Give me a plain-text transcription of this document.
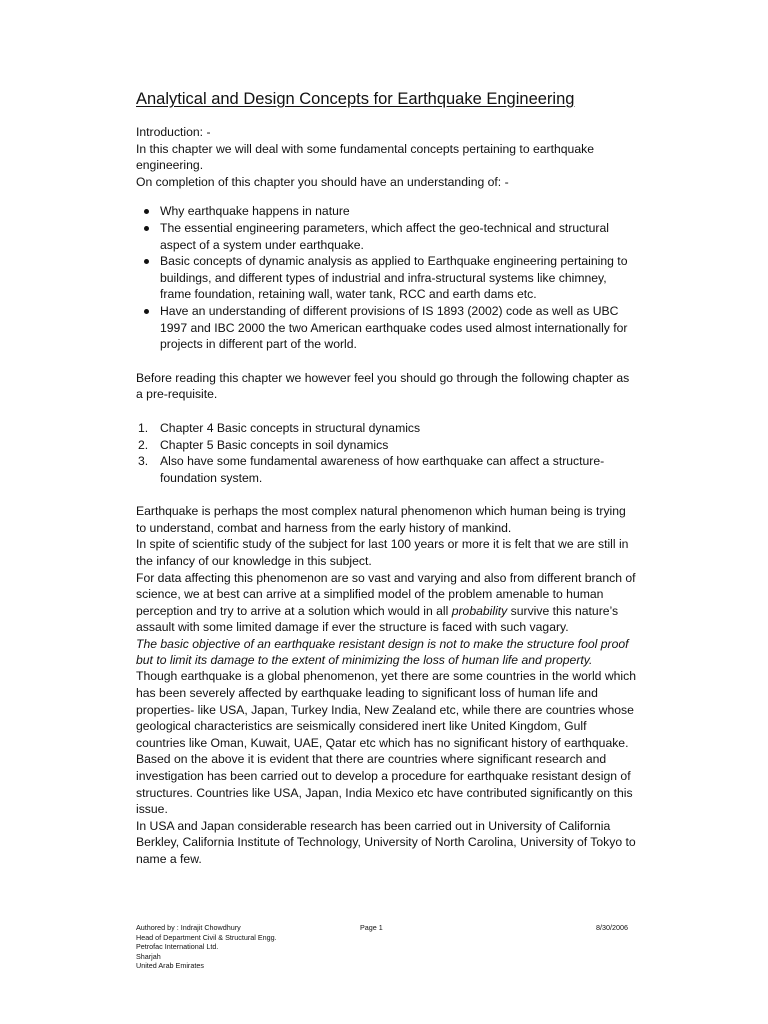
Analytical and Design Concepts for Earthquake Engineering

Introduction: -

In this chapter we will deal with some fundamental concepts pertaining to earthquake engineering.

On completion of this chapter you should have an understanding of: -

Why earthquake happens in nature
The essential engineering parameters, which affect the geo-technical and structural aspect of a system under earthquake.
Basic concepts of dynamic analysis as applied to Earthquake engineering pertaining to buildings, and different types of industrial and infra-structural systems like chimney, frame foundation, retaining wall, water tank, RCC and earth dams etc.
Have an understanding of different provisions of IS 1893 (2002) code as well as UBC 1997 and IBC 2000 the two American earthquake codes used almost internationally for projects in different part of the world.

Before reading this chapter we however feel you should go through the following chapter as a pre-requisite.

1. Chapter 4 Basic concepts in structural dynamics
2. Chapter 5 Basic concepts in soil dynamics
3. Also have some fundamental awareness of how earthquake can affect a structure-foundation system.

Earthquake is perhaps the most complex natural phenomenon which human being is trying to understand, combat and harness from the early history of mankind.

In spite of scientific study of the subject for last 100 years or more it is felt that we are still in the infancy of our knowledge in this subject.

For data affecting this phenomenon are so vast and varying and also from different branch of science, we at best can arrive at a simplified model of the problem amenable to human perception and try to arrive at a solution which would in all probability survive this nature’s assault with some limited damage if ever the structure is faced with such vagary.

The basic objective of an earthquake resistant design is not to make the structure fool proof but to limit its damage to the extent of minimizing the loss of human life and property.

Though earthquake is a global phenomenon, yet there are some countries in the world which has been severely affected by earthquake leading to significant loss of human life and properties- like USA, Japan, Turkey India, New Zealand etc, while there are countries whose geological characteristics are seismically considered inert like United Kingdom, Gulf countries like Oman, Kuwait, UAE, Qatar etc which has no significant history of earthquake.

Based on the above it is evident that there are countries where significant research and investigation has been carried out to develop a procedure for earthquake resistant design of structures. Countries like USA, Japan, India Mexico etc have contributed significantly on this issue.

In USA and Japan considerable research has been carried out in University of California Berkley, California Institute of Technology, University of North Carolina, University of Tokyo to name a few.

Authored by : Indrajit Chowdhury
Head of Department Civil & Structural Engg.
Petrofac International Ltd.
Sharjah
United Arab Emirates
Page 1	8/30/2006
